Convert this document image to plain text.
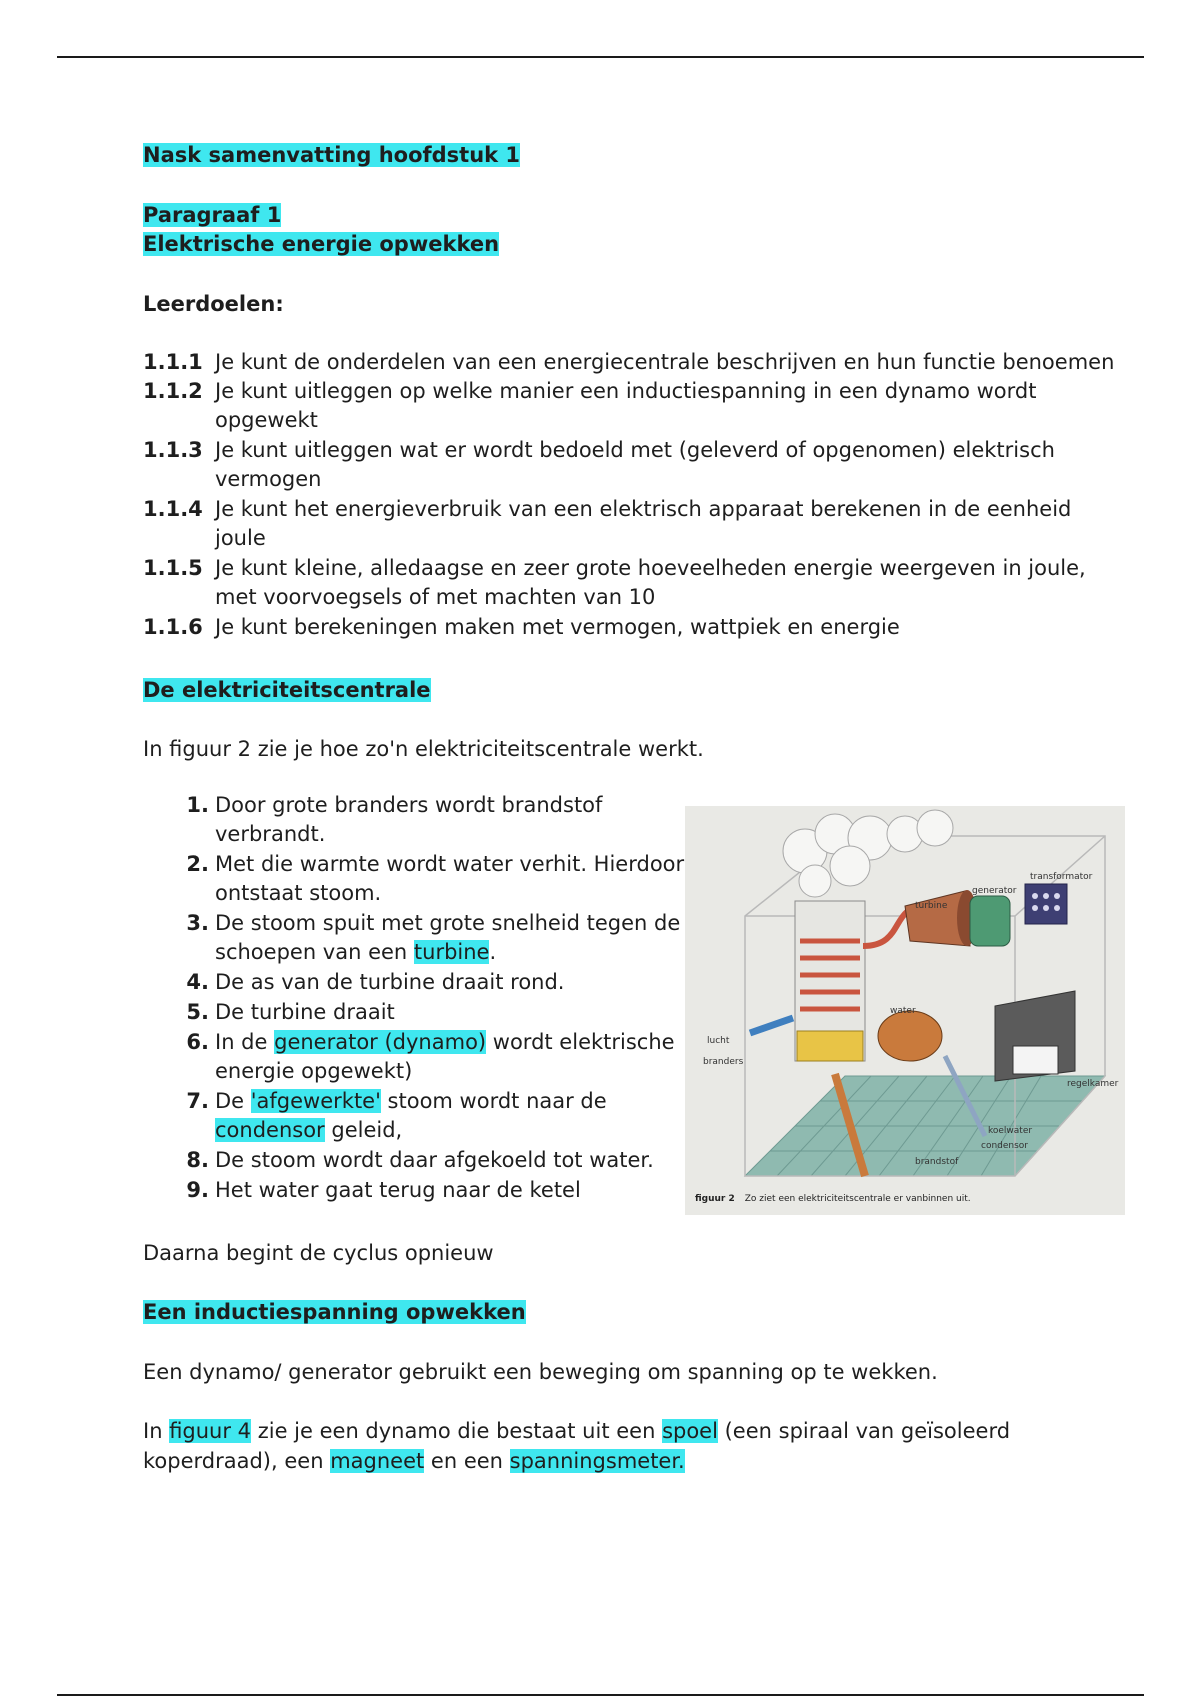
Nask samenvatting hoofdstuk 1
Paragraaf 1
Elektrische energie opwekken
Leerdoelen:
1.1.1 Je kunt de onderdelen van een energiecentrale beschrijven en hun functie benoemen
1.1.2 Je kunt uitleggen op welke manier een inductiespanning in een dynamo wordt
opgewekt
1.1.3 Je kunt uitleggen wat er wordt bedoeld met (geleverd of opgenomen) elektrisch
vermogen
1.1.4 Je kunt het energieverbruik van een elektrisch apparaat berekenen in de eenheid
joule
1.1.5 Je kunt kleine, alledaagse en zeer grote hoeveelheden energie weergeven in joule,
met voorvoegsels of met machten van 10
1.1.6 Je kunt berekeningen maken met vermogen, wattpiek en energie
De elektriciteitscentrale
In figuur 2 zie je hoe zo'n elektriciteitscentrale werkt.
1. Door grote branders wordt brandstof
verbrandt.
2. Met die warmte wordt water verhit. Hierdoor
ontstaat stoom.
3. De stoom spuit met grote snelheid tegen de
schoepen van een turbine.
4. De as van de turbine draait rond.
5. De turbine draait
6. In de generator (dynamo) wordt elektrische
energie opgewekt)
7. De 'afgewerkte' stoom wordt naar de
condensor geleid,
8. De stoom wordt daar afgekoeld tot water.
9. Het water gaat terug naar de ketel
Daarna begint de cyclus opnieuw
Een inductiespanning opwekken
Een dynamo/ generator gebruikt een beweging om spanning op te wekken.
In figuur 4 zie je een dynamo die bestaat uit een spoel (een spiraal van geïsoleerd
koperdraad), een magneet en een spanningsmeter.
turbine
generator
transformator
water
lucht
branders
regelkamer
koelwater
condensor
brandstof
figuur 2 Zo ziet een elektriciteitscentrale er vanbinnen uit.
